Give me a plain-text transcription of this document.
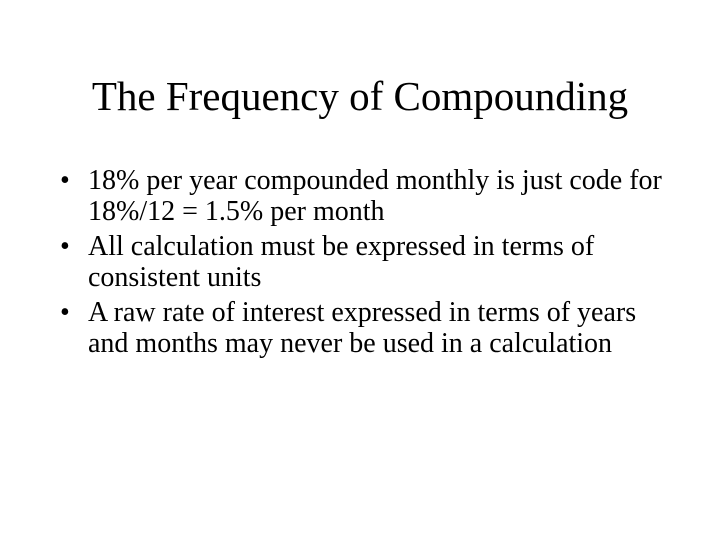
The Frequency of Compounding
• 18% per year compounded monthly is just code for 18%/12 = 1.5% per month
• All calculation must be expressed in terms of consistent units
• A raw rate of interest expressed in terms of years and months may never be used in a calculation
